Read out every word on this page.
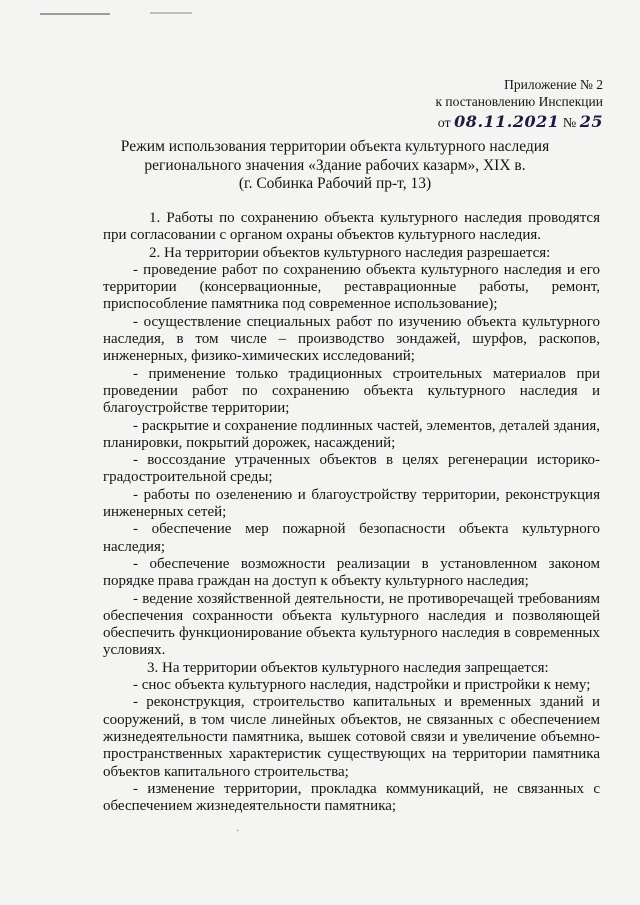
Приложение № 2
к постановлению Инспекции
от 08.11.2021 № 25
Режим использования территории объекта культурного наследия
регионального значения «Здание рабочих казарм», XIX в.
(г. Собинка Рабочий пр-т, 13)

1. Работы по сохранению объекта культурного наследия проводятся при согласовании с органом охраны объектов культурного наследия.

2. На территории объектов культурного наследия разрешается:

- проведение работ по сохранению объекта культурного наследия и его территории (консервационные, реставрационные работы, ремонт, приспособление памятника под современное использование);

- осуществление специальных работ по изучению объекта культурного наследия, в том числе – производство зондажей, шурфов, раскопов, инженерных, физико-химических исследований;

- применение только традиционных строительных материалов при проведении работ по сохранению объекта культурного наследия и благоустройстве территории;

- раскрытие и сохранение подлинных частей, элементов, деталей здания, планировки, покрытий дорожек, насаждений;

- воссоздание утраченных объектов в целях регенерации историко-градостроительной среды;

- работы по озеленению и благоустройству территории, реконструкция инженерных сетей;

- обеспечение мер пожарной безопасности объекта культурного наследия;

- обеспечение возможности реализации в установленном законом порядке права граждан на доступ к объекту культурного наследия;

- ведение хозяйственной деятельности, не противоречащей требованиям обеспечения сохранности объекта культурного наследия и позволяющей обеспечить функционирование объекта культурного наследия в современных условиях.

3. На территории объектов культурного наследия запрещается:

- снос объекта культурного наследия, надстройки и пристройки к нему;

- реконструкция, строительство капитальных и временных зданий и сооружений, в том числе линейных объектов, не связанных с обеспечением жизнедеятельности памятника, вышек сотовой связи и увеличение объемно-пространственных характеристик существующих на территории памятника объектов капитального строительства;

- изменение территории, прокладка коммуникаций, не связанных с обеспечением жизнедеятельности памятника;

·
